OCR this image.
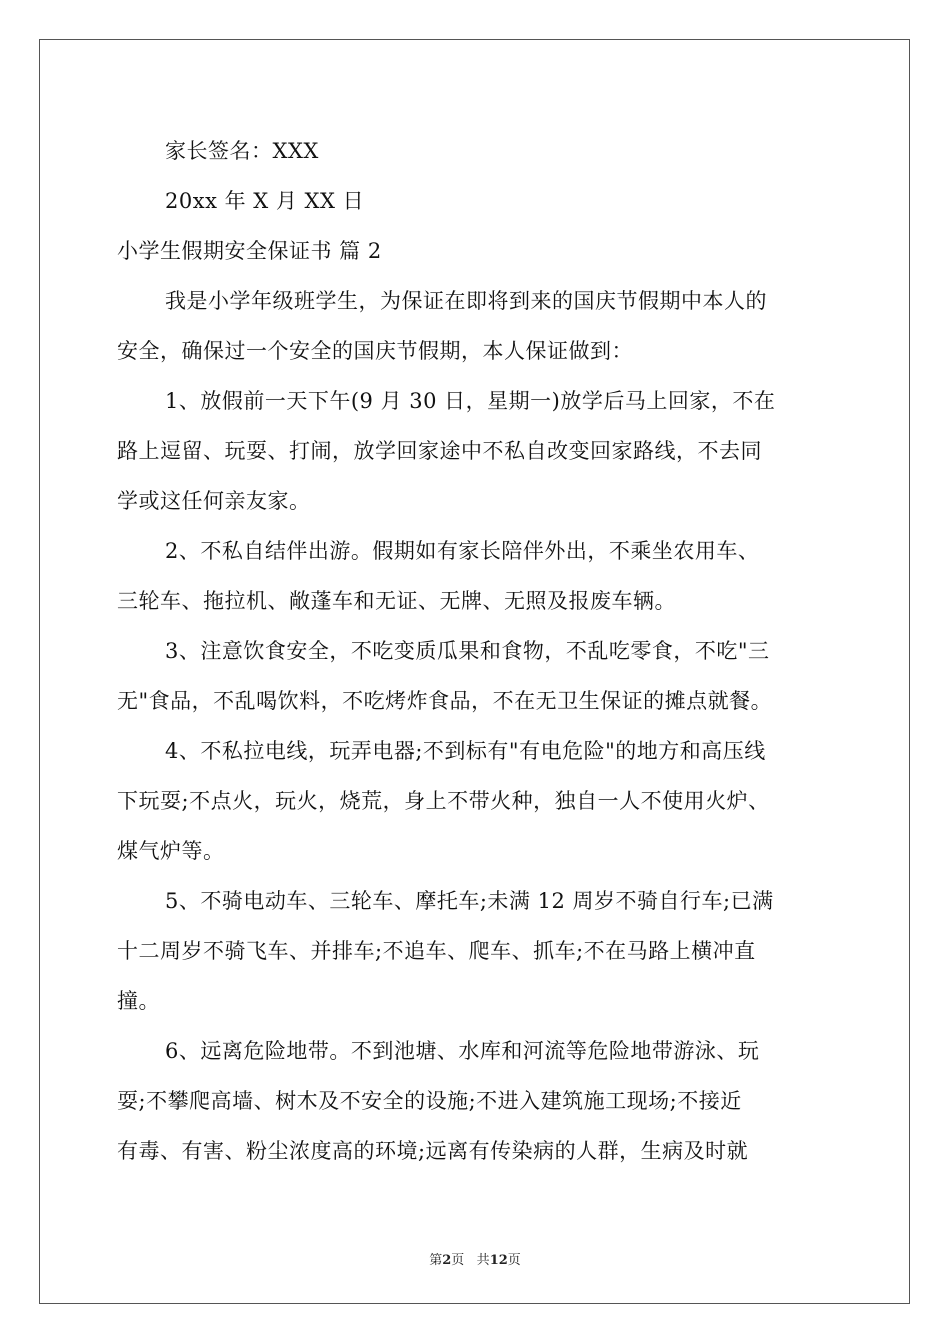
家长签名：XXX
20xx 年 X 月 XX 日
小学生假期安全保证书 篇 2
我是小学年级班学生，为保证在即将到来的国庆节假期中本人的
安全，确保过一个安全的国庆节假期，本人保证做到：
1、放假前一天下午(9 月 30 日，星期一)放学后马上回家，不在
路上逗留、玩耍、打闹，放学回家途中不私自改变回家路线，不去同
学或这任何亲友家。
2、不私自结伴出游。假期如有家长陪伴外出，不乘坐农用车、
三轮车、拖拉机、敞蓬车和无证、无牌、无照及报废车辆。
3、注意饮食安全，不吃变质瓜果和食物，不乱吃零食，不吃"三
无"食品，不乱喝饮料，不吃烤炸食品，不在无卫生保证的摊点就餐。
4、不私拉电线，玩弄电器;不到标有"有电危险"的地方和高压线
下玩耍;不点火，玩火，烧荒，身上不带火种，独自一人不使用火炉、
煤气炉等。
5、不骑电动车、三轮车、摩托车;未满 12 周岁不骑自行车;已满
十二周岁不骑飞车、并排车;不追车、爬车、抓车;不在马路上横冲直
撞。
6、远离危险地带。不到池塘、水库和河流等危险地带游泳、玩
耍;不攀爬高墙、树木及不安全的设施;不进入建筑施工现场;不接近
有毒、有害、粉尘浓度高的环境;远离有传染病的人群，生病及时就
第2页 共12页
